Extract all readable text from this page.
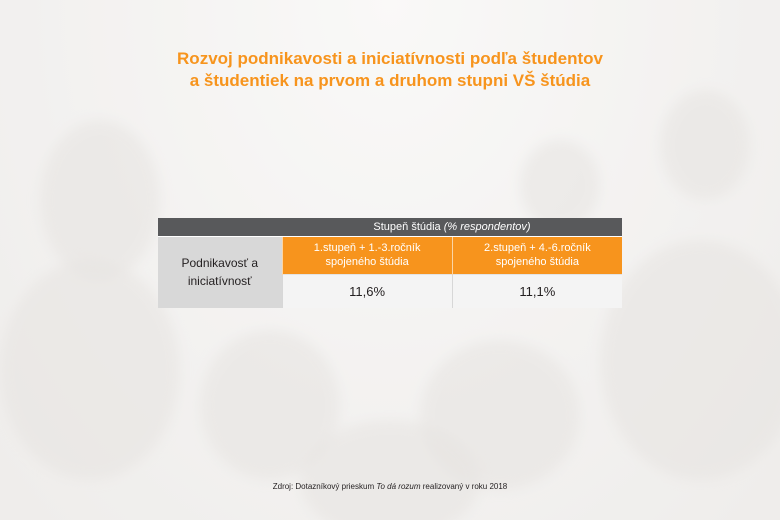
Rozvoj podnikavosti a iniciatívnosti podľa študentov
a študentiek na prvom a druhom stupni VŠ štúdia
	Stupeň štúdia (% respondentov)	
Podnikavosť a iniciatívnosť	1.stupeň + 1.-3.ročník spojeného štúdia	2.stupeň + 4.-6.ročník spojeného štúdia
	11,6%	11,1%
Zdroj: Dotazníkový prieskum To dá rozum realizovaný v roku 2018
